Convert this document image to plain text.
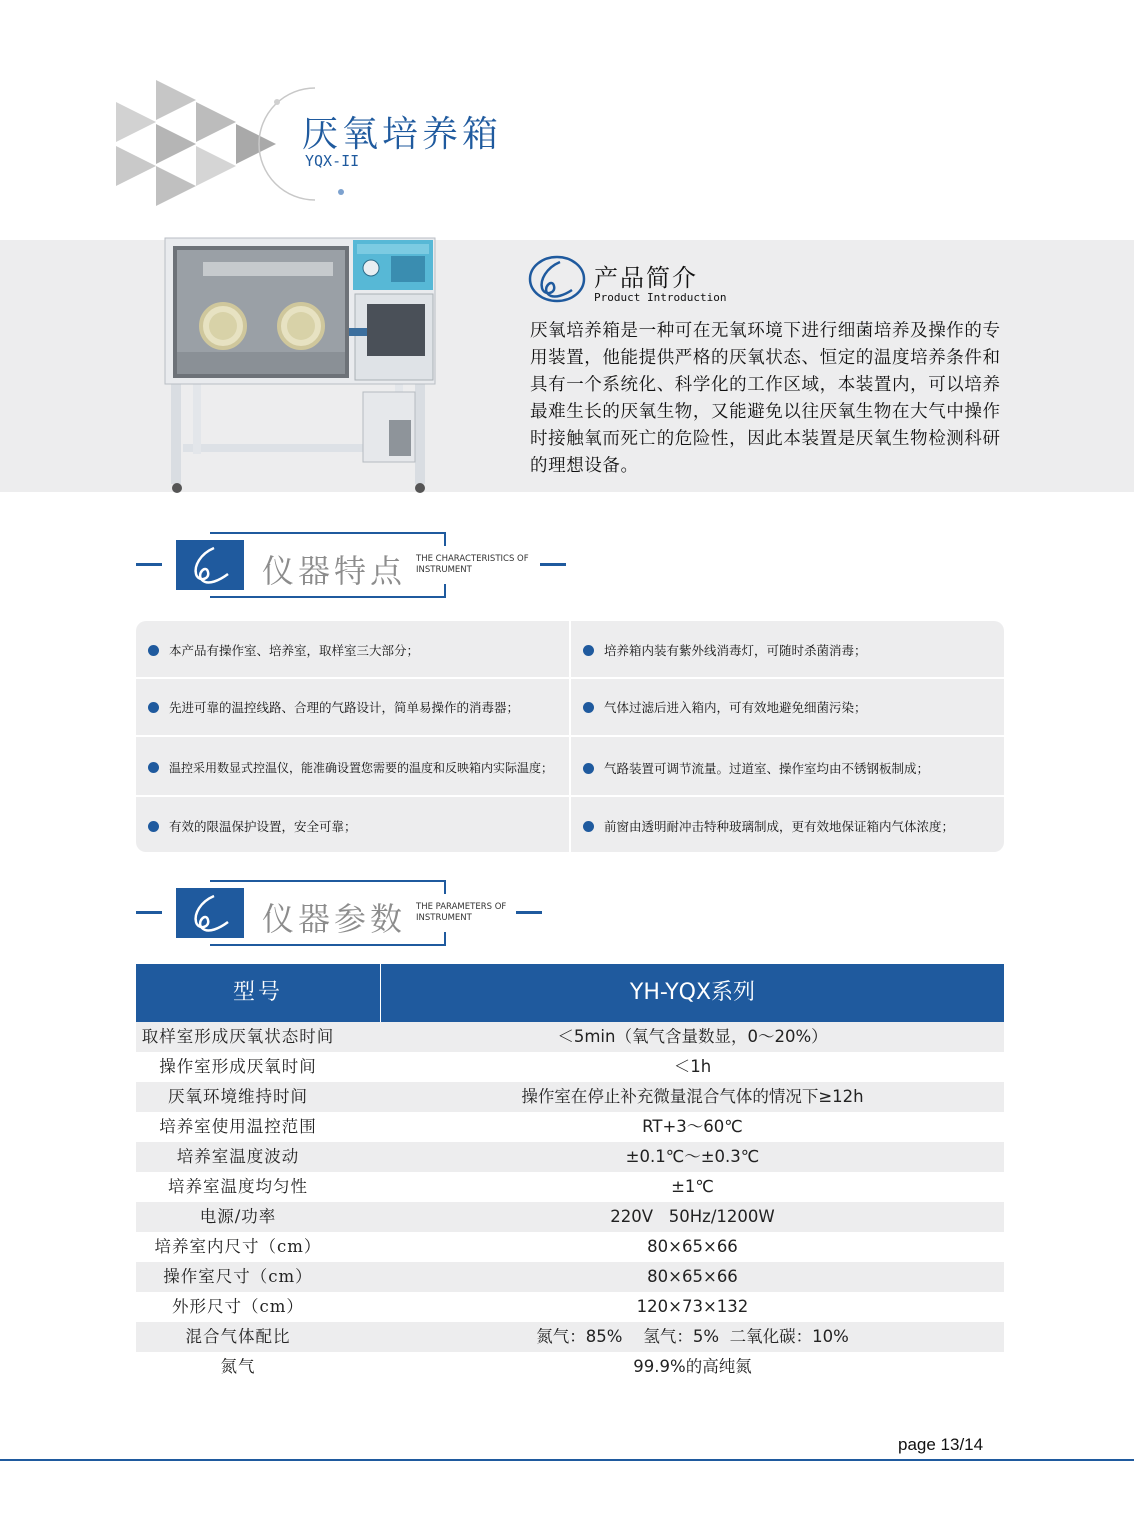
厌氧培养箱
YQX-II
产品简介
Product Introduction
厌氧培养箱是一种可在无氧环境下进行细菌培养及操作的专用装置，他能提供严格的厌氧状态、恒定的温度培养条件和具有一个系统化、科学化的工作区域，本装置内，可以培养最难生长的厌氧生物，又能避免以往厌氧生物在大气中操作时接触氧而死亡的危险性，因此本装置是厌氧生物检测科研的理想设备。
仪器特点 THE CHARACTERISTICS OF
INSTRUMENT
本产品有操作室、培养室，取样室三大部分；	培养箱内装有紫外线消毒灯，可随时杀菌消毒；
先进可靠的温控线路、合理的气路设计，简单易操作的消毒器；	气体过滤后进入箱内，可有效地避免细菌污染；
温控采用数显式控温仪，能准确设置您需要的温度和反映箱内实际温度；	气路装置可调节流量。过道室、操作室均由不锈钢板制成；
有效的限温保护设置，安全可靠；	前窗由透明耐冲击特种玻璃制成，更有效地保证箱内气体浓度；
仪器参数 THE PARAMETERS OF
INSTRUMENT
型号	YH-YQX系列
取样室形成厌氧状态时间	＜5min（氧气含量数显，0～20%）
操作室形成厌氧时间	＜1h
厌氧环境维持时间	操作室在停止补充微量混合气体的情况下≥12h
培养室使用温控范围	RT+3～60℃
培养室温度波动	±0.1℃～±0.3℃
培养室温度均匀性	±1℃
电源/功率	220V   50Hz/1200W
培养室内尺寸（cm）	80×65×66
操作室尺寸（cm）	80×65×66
外形尺寸（cm）	120×73×132
混合气体配比	氮气：85%    氢气：5%  二氧化碳：10%
氮气	99.9%的高纯氮
page 13/14
